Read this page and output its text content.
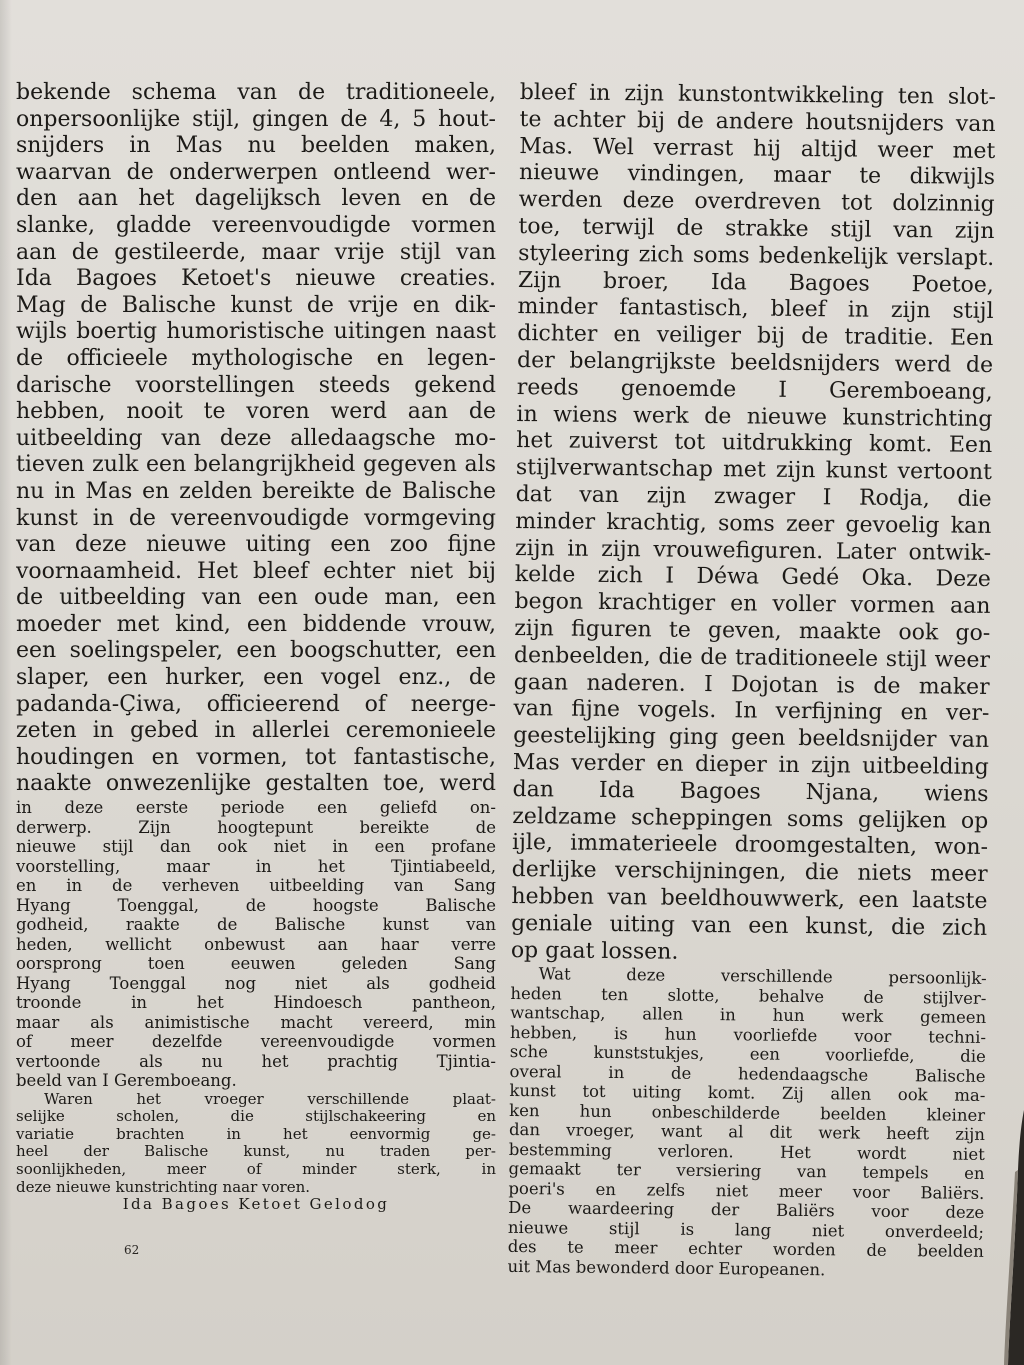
bekende schema van de traditioneele,
onpersoonlijke stijl, gingen de 4, 5 hout-
snijders in Mas nu beelden maken,
waarvan de onderwerpen ontleend wer-
den aan het dagelijksch leven en de
slanke, gladde vereenvoudigde vormen
aan de gestileerde, maar vrije stijl van
Ida Bagoes Ketoet's nieuwe creaties.
Mag de Balische kunst de vrije en dik-
wijls boertig humoristische uitingen naast
de officieele mythologische en legen-
darische voorstellingen steeds gekend
hebben, nooit te voren werd aan de
uitbeelding van deze alledaagsche mo-
tieven zulk een belangrijkheid gegeven als
nu in Mas en zelden bereikte de Balische
kunst in de vereenvoudigde vormgeving
van deze nieuwe uiting een zoo fijne
voornaamheid. Het bleef echter niet bij
de uitbeelding van een oude man, een
moeder met kind, een biddende vrouw,
een soelingspeler, een boogschutter, een
slaper, een hurker, een vogel enz., de
padanda-Çiwa, officieerend of neerge-
zeten in gebed in allerlei ceremonieele
houdingen en vormen, tot fantastische,
naakte onwezenlijke gestalten toe, werd
in deze eerste periode een geliefd on-
derwerp. Zijn hoogtepunt bereikte de
nieuwe stijl dan ook niet in een profane
voorstelling, maar in het Tjintiabeeld,
en in de verheven uitbeelding van Sang
Hyang Toenggal, de hoogste Balische
godheid, raakte de Balische kunst van
heden, wellicht onbewust aan haar verre
oorsprong toen eeuwen geleden Sang
Hyang Toenggal nog niet als godheid
troonde in het Hindoesch pantheon,
maar als animistische macht vereerd, min
of meer dezelfde vereenvoudigde vormen
vertoonde als nu het prachtig Tjintia-
beeld van I Geremboeang.
Waren het vroeger verschillende plaat-
selijke scholen, die stijlschakeering en
variatie brachten in het eenvormig ge-
heel der Balische kunst, nu traden per-
soonlijkheden, meer of minder sterk, in
deze nieuwe kunstrichting naar voren.
Ida Bagoes Ketoet Gelodog
62
bleef in zijn kunstontwikkeling ten slot-
te achter bij de andere houtsnijders van
Mas. Wel verrast hij altijd weer met
nieuwe vindingen, maar te dikwijls
werden deze overdreven tot dolzinnig
toe, terwijl de strakke stijl van zijn
styleering zich soms bedenkelijk verslapt.
Zijn broer, Ida Bagoes Poetoe,
minder fantastisch, bleef in zijn stijl
dichter en veiliger bij de traditie. Een
der belangrijkste beeldsnijders werd de
reeds genoemde I Geremboeang,
in wiens werk de nieuwe kunstrichting
het zuiverst tot uitdrukking komt. Een
stijlverwantschap met zijn kunst vertoont
dat van zijn zwager I Rodja, die
minder krachtig, soms zeer gevoelig kan
zijn in zijn vrouwefiguren. Later ontwik-
kelde zich I Déwa Gedé Oka. Deze
begon krachtiger en voller vormen aan
zijn figuren te geven, maakte ook go-
denbeelden, die de traditioneele stijl weer
gaan naderen. I Dojotan is de maker
van fijne vogels. In verfijning en ver-
geestelijking ging geen beeldsnijder van
Mas verder en dieper in zijn uitbeelding
dan Ida Bagoes Njana, wiens
zeldzame scheppingen soms gelijken op
ijle, immaterieele droomgestalten, won-
derlijke verschijningen, die niets meer
hebben van beeldhouwwerk, een laatste
geniale uiting van een kunst, die zich
op gaat lossen.
Wat deze verschillende persoonlijk-
heden ten slotte, behalve de stijlver-
wantschap, allen in hun werk gemeen
hebben, is hun voorliefde voor techni-
sche kunststukjes, een voorliefde, die
overal in de hedendaagsche Balische
kunst tot uiting komt. Zij allen ook ma-
ken hun onbeschilderde beelden kleiner
dan vroeger, want al dit werk heeft zijn
bestemming verloren. Het wordt niet
gemaakt ter versiering van tempels en
poeri's en zelfs niet meer voor Baliërs.
De waardeering der Baliërs voor deze
nieuwe stijl is lang niet onverdeeld;
des te meer echter worden de beelden
uit Mas bewonderd door Europeanen.
